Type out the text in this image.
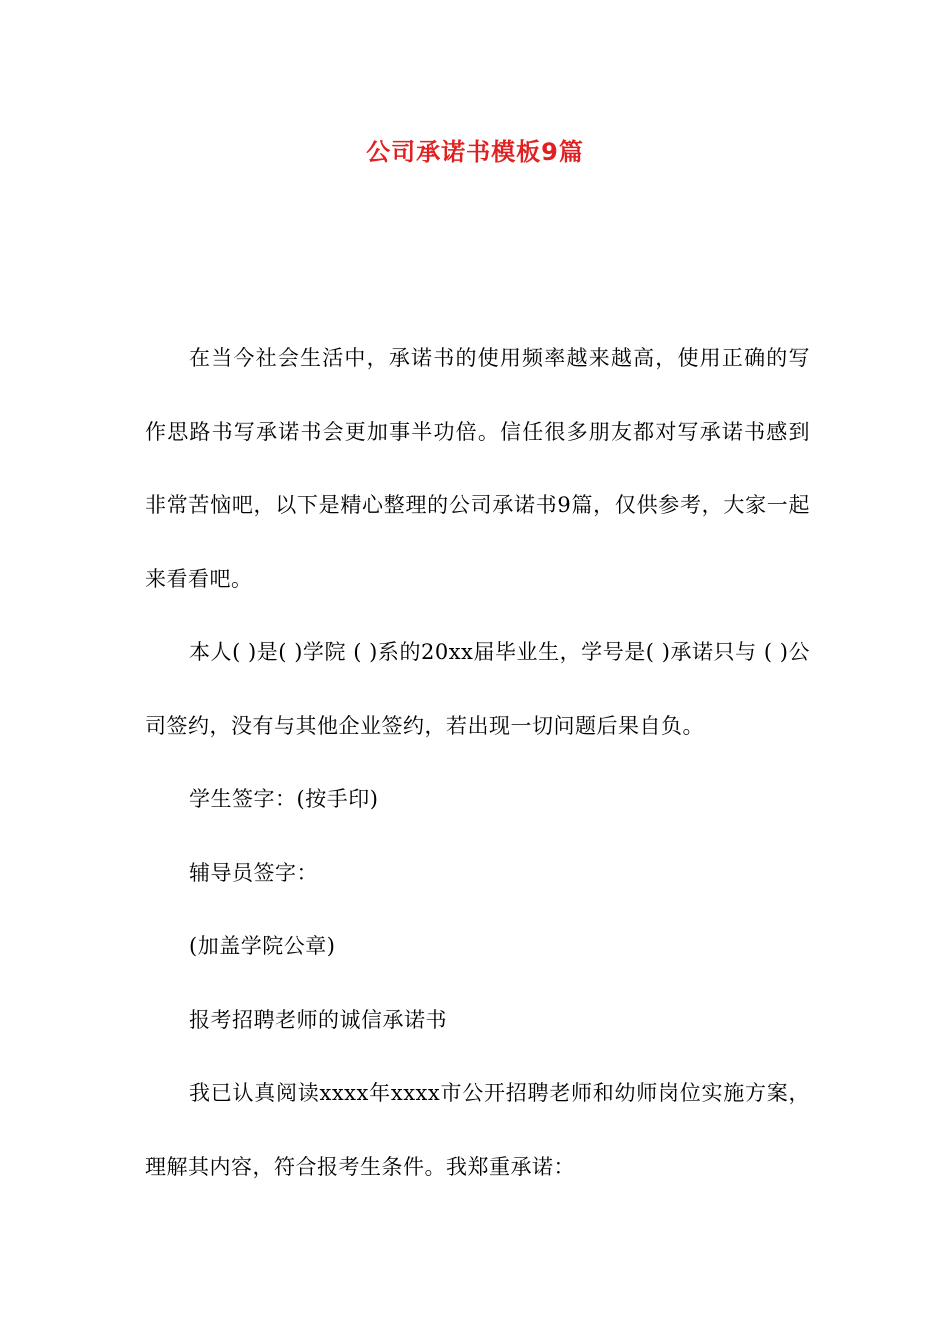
公司承诺书模板9篇

在当今社会生活中，承诺书的使用频率越来越高，使用正确的写作思路书写承诺书会更加事半功倍。信任很多朋友都对写承诺书感到非常苦恼吧，以下是精心整理的公司承诺书9篇，仅供参考，大家一起来看看吧。

本人( )是( )学院 ( )系的20xx届毕业生，学号是( )承诺只与 ( )公司签约，没有与其他企业签约，若出现一切问题后果自负。

学生签字：(按手印)

辅导员签字：

(加盖学院公章)

报考招聘老师的诚信承诺书

我已认真阅读xxxx年xxxx市公开招聘老师和幼师岗位实施方案，理解其内容，符合报考生条件。我郑重承诺：
